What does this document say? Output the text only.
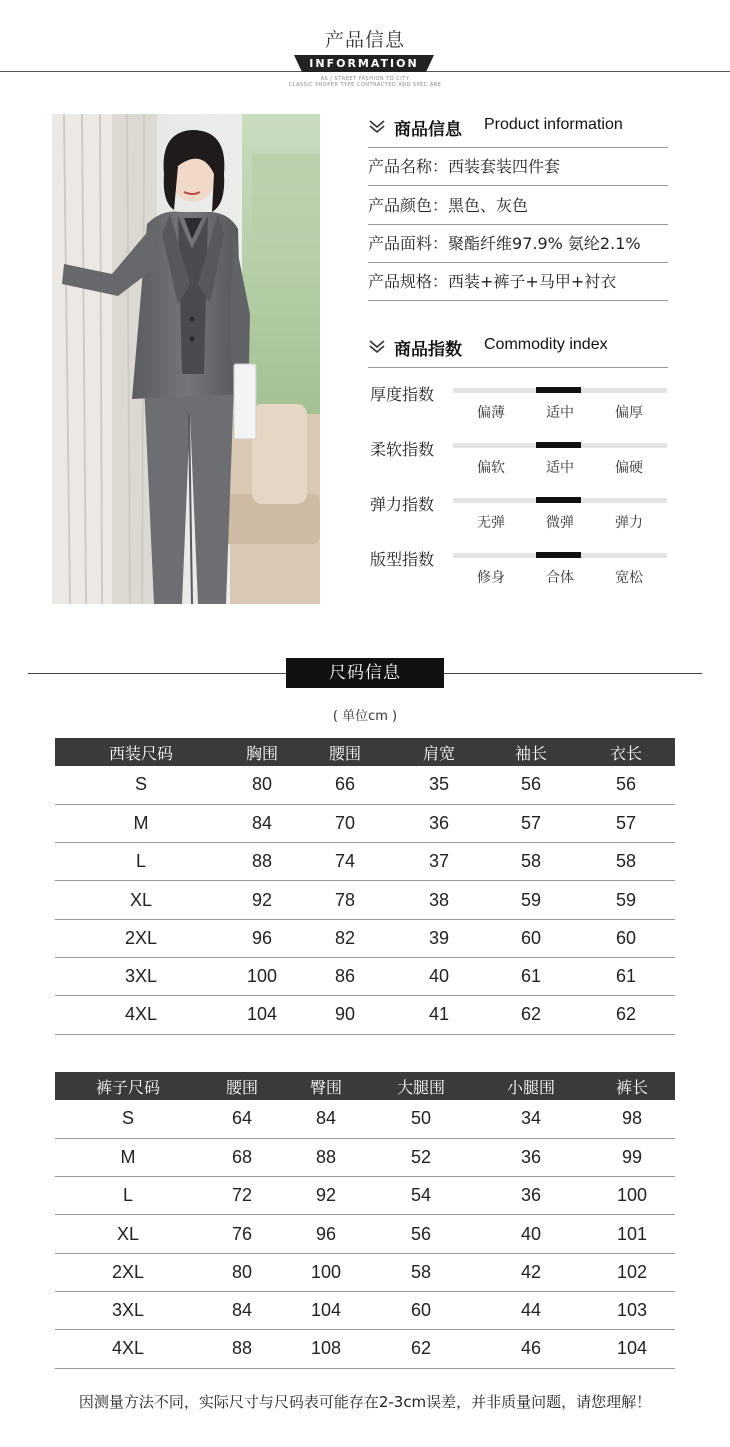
产品信息
INFORMATION
AS / STREET FASHION TO CITY
CLASSIC PROPER TYPE CONTRACTED AND SPEC ARE
商品信息 Product information
产品名称：西装套装四件套
产品颜色：黑色、灰色
产品面料：聚酯纤维97.9% 氨纶2.1%
产品规格：西装+裤子+马甲+衬衣
商品指数 Commodity index
厚度指数
偏薄	适中	偏厚
柔软指数
偏软	适中	偏硬
弹力指数
无弹	微弹	弹力
版型指数
修身	合体	宽松
尺码信息
( 单位cm )
西装尺码	胸围	腰围	肩宽	袖长	衣长
S	80	66	35	56	56
M	84	70	36	57	57
L	88	74	37	58	58
XL	92	78	38	59	59
2XL	96	82	39	60	60
3XL	100	86	40	61	61
4XL	104	90	41	62	62
裤子尺码	腰围	臀围	大腿围	小腿围	裤长
S	64	84	50	34	98
M	68	88	52	36	99
L	72	92	54	36	100
XL	76	96	56	40	101
2XL	80	100	58	42	102
3XL	84	104	60	44	103
4XL	88	108	62	46	104
因测量方法不同，实际尺寸与尺码表可能存在2-3cm误差，并非质量问题，请您理解！
